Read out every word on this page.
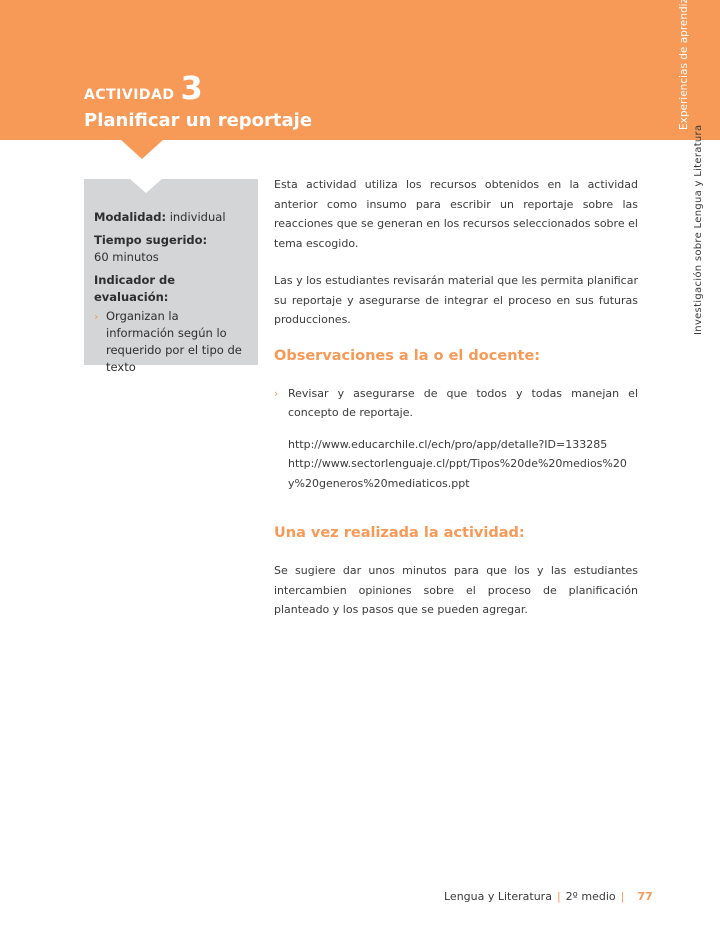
ACTIVIDAD 3
Planificar un reportaje
Investigación sobre Lengua y Literatura
Modalidad: individual
Tiempo sugerido:
60 minutos
Indicador de evaluación:
› Organizan la información según lo requerido por el tipo de texto

Esta actividad utiliza los recursos obtenidos en la actividad anterior como insumo para escribir un reportaje sobre las reacciones que se generan en los recursos seleccionados sobre el tema escogido.

Las y los estudiantes revisarán material que les permita planificar su reportaje y asegurarse de integrar el proceso en sus futuras producciones.

Observaciones a la o el docente:
› Revisar y asegurarse de que todos y todas manejan el concepto de reportaje.
http://www.educarchile.cl/ech/pro/app/detalle?ID=133285
http://www.sectorlenguaje.cl/ppt/Tipos%20de%20medios%20y%20generos%20mediaticos.ppt
Una vez realizada la actividad:

Se sugiere dar unos minutos para que los y las estudiantes intercambien opiniones sobre el proceso de planificación planteado y los pasos que se pueden agregar.

Lengua y Literatura | 2º medio | 77
